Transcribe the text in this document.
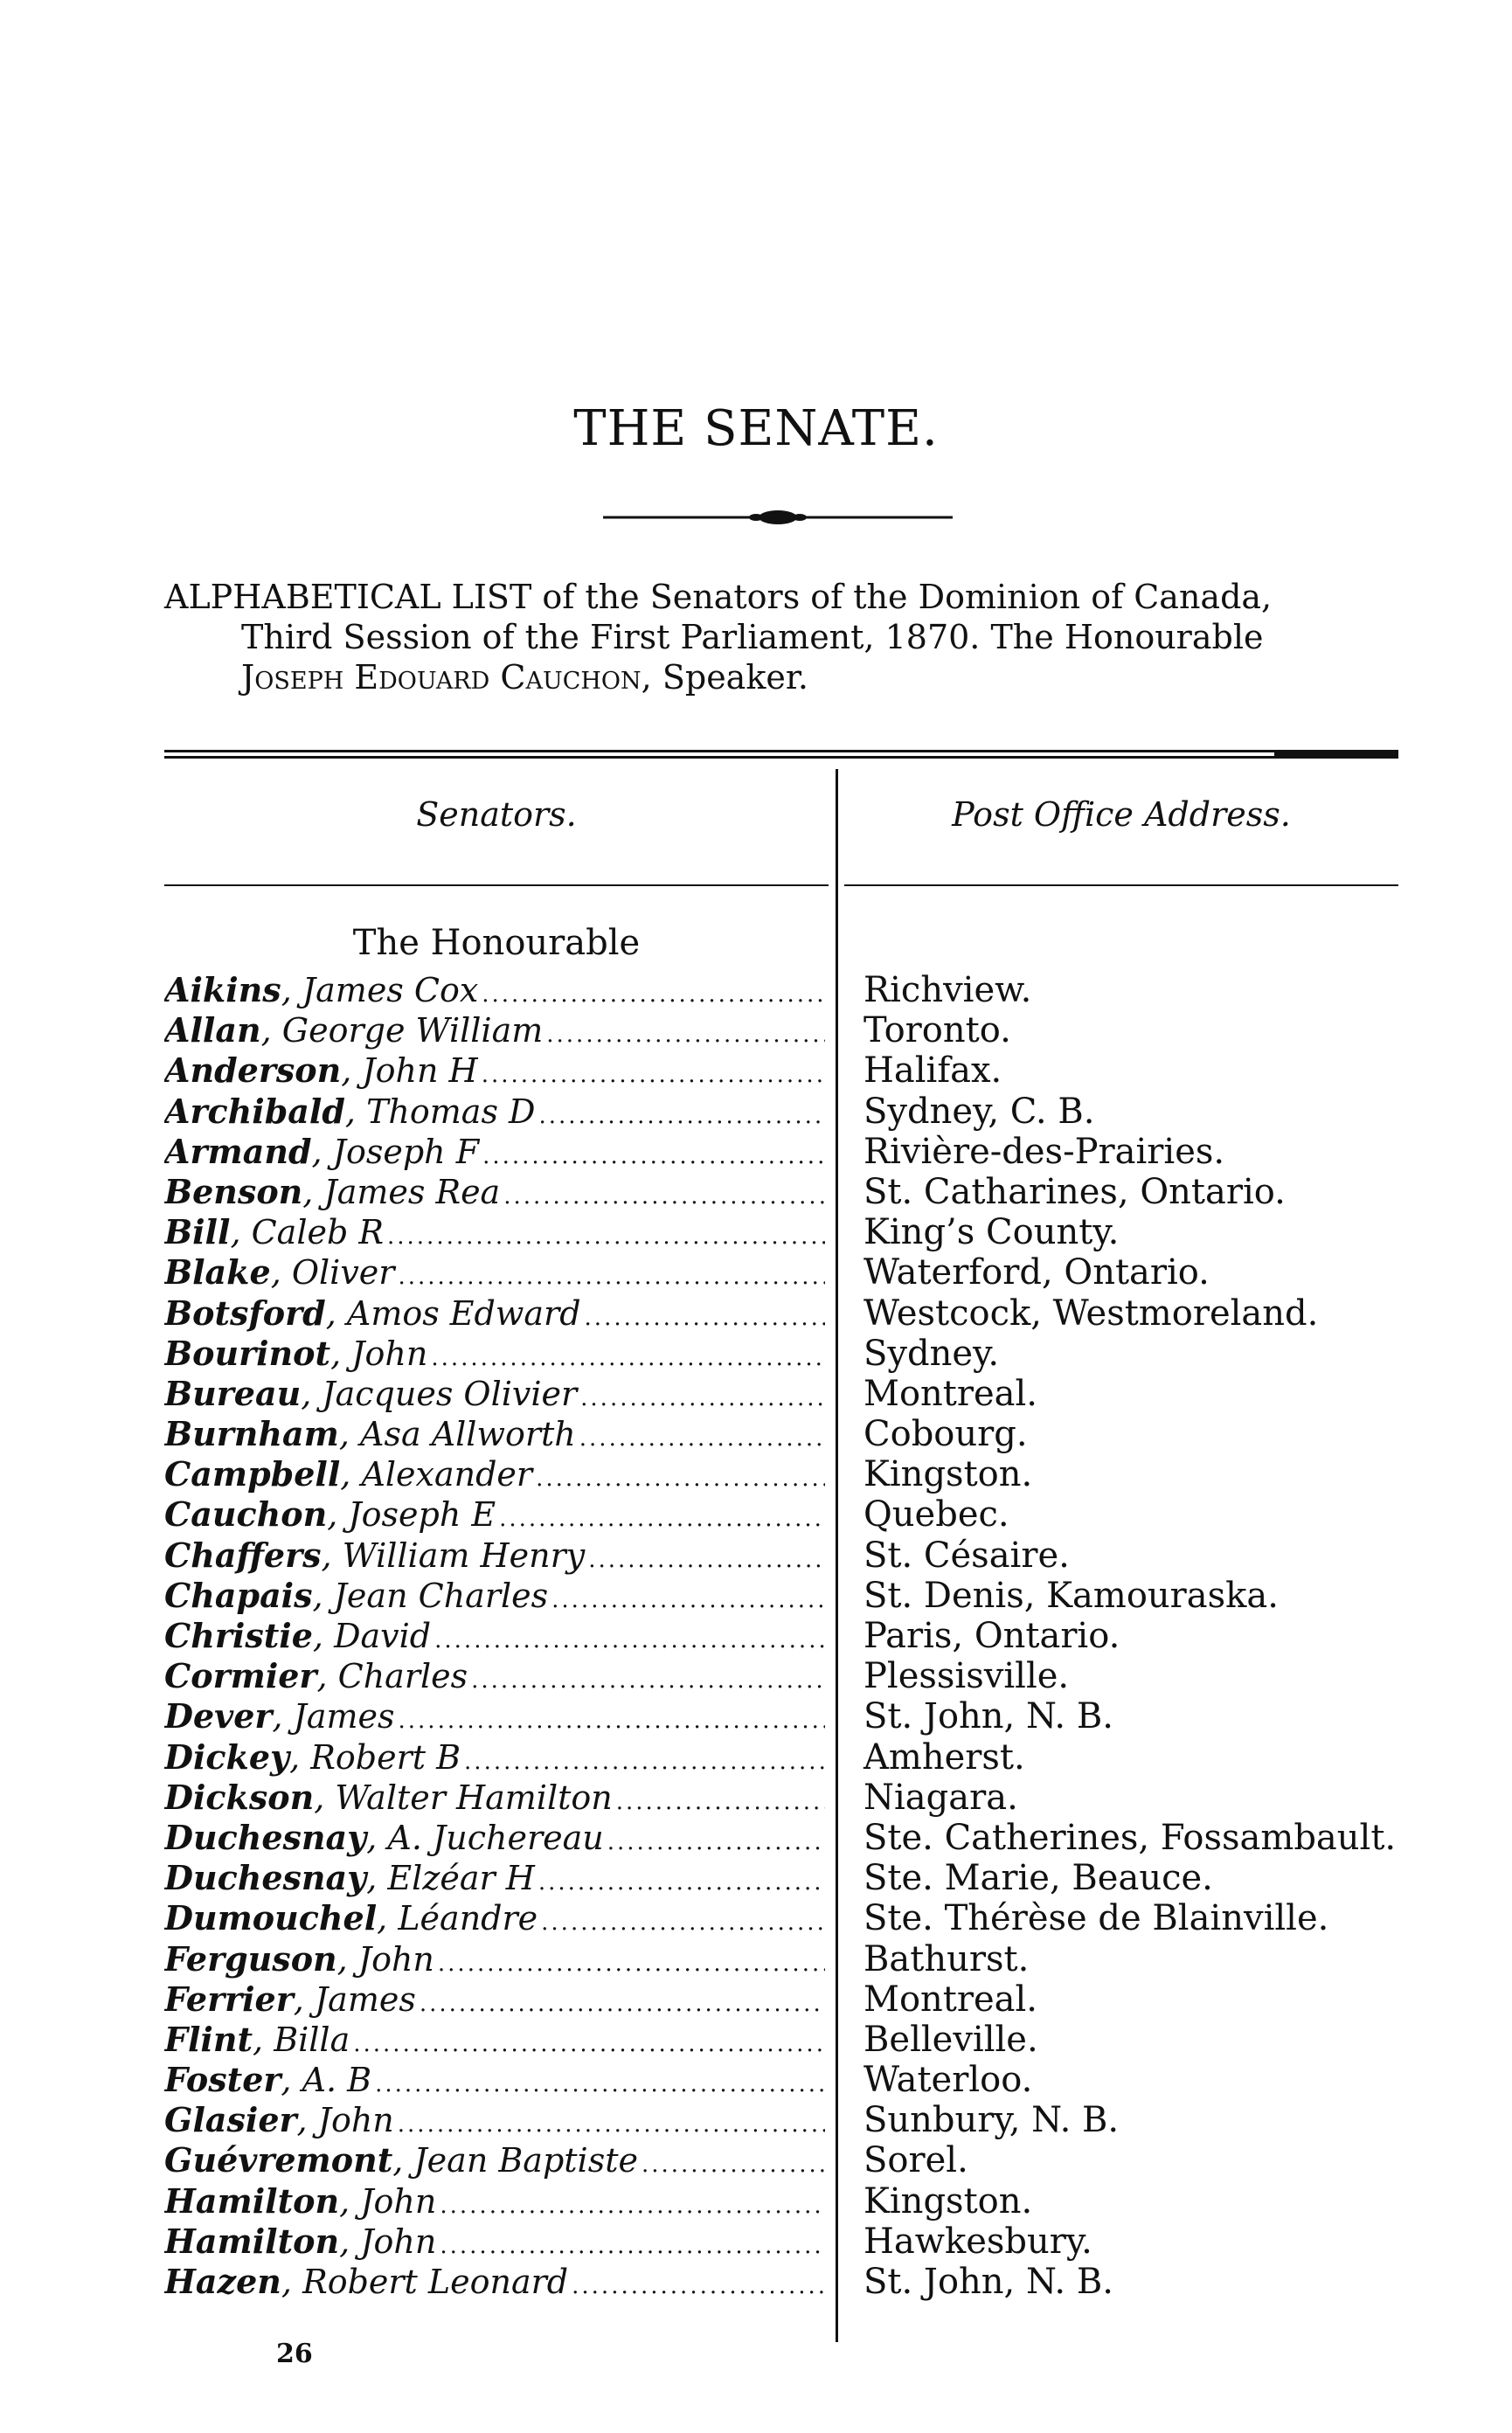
THE SENATE.
ALPHABETICAL LIST of the Senators of the Dominion of Canada,
Third Session of the First Parliament, 1870. The Honourable
Joseph Edouard Cauchon, Speaker.
Senators.	Post Office Address.
The Honourable
Aikins , James Cox .....	Richview.
Allan , George William .....	Toronto.
Anderson , John H .....	Halifax.
Archibald , Thomas D .....	Sydney, C. B.
Armand , Joseph F .....	Rivière-des-Prairies.
Benson , James Rea .....	St. Catharines, Ontario.
Bill , Caleb R .....	King’s County.
Blake , Oliver .....	Waterford, Ontario.
Botsford , Amos Edward .....	Westcock, Westmoreland.
Bourinot , John .....	Sydney.
Bureau , Jacques Olivier .....	Montreal.
Burnham , Asa Allworth .....	Cobourg.
Campbell , Alexander .....	Kingston.
Cauchon , Joseph E .....	Quebec.
Chaffers , William Henry .....	St. Césaire.
Chapais , Jean Charles .....	St. Denis, Kamouraska.
Christie , David .....	Paris, Ontario.
Cormier , Charles .....	Plessisville.
Dever , James .....	St. John, N. B.
Dickey , Robert B .....	Amherst.
Dickson , Walter Hamilton .....	Niagara.
Duchesnay , A. Juchereau .....	Ste. Catherines, Fossambault.
Duchesnay , Elzéar H .....	Ste. Marie, Beauce.
Dumouchel , Léandre .....	Ste. Thérèse de Blainville.
Ferguson , John .....	Bathurst.
Ferrier , James .....	Montreal.
Flint , Billa .....	Belleville.
Foster , A. B .....	Waterloo.
Glasier , John .....	Sunbury, N. B.
Guévremont , Jean Baptiste .....	Sorel.
Hamilton , John .....	Kingston.
Hamilton , John .....	Hawkesbury.
Hazen , Robert Leonard .....	St. John, N. B.
26
